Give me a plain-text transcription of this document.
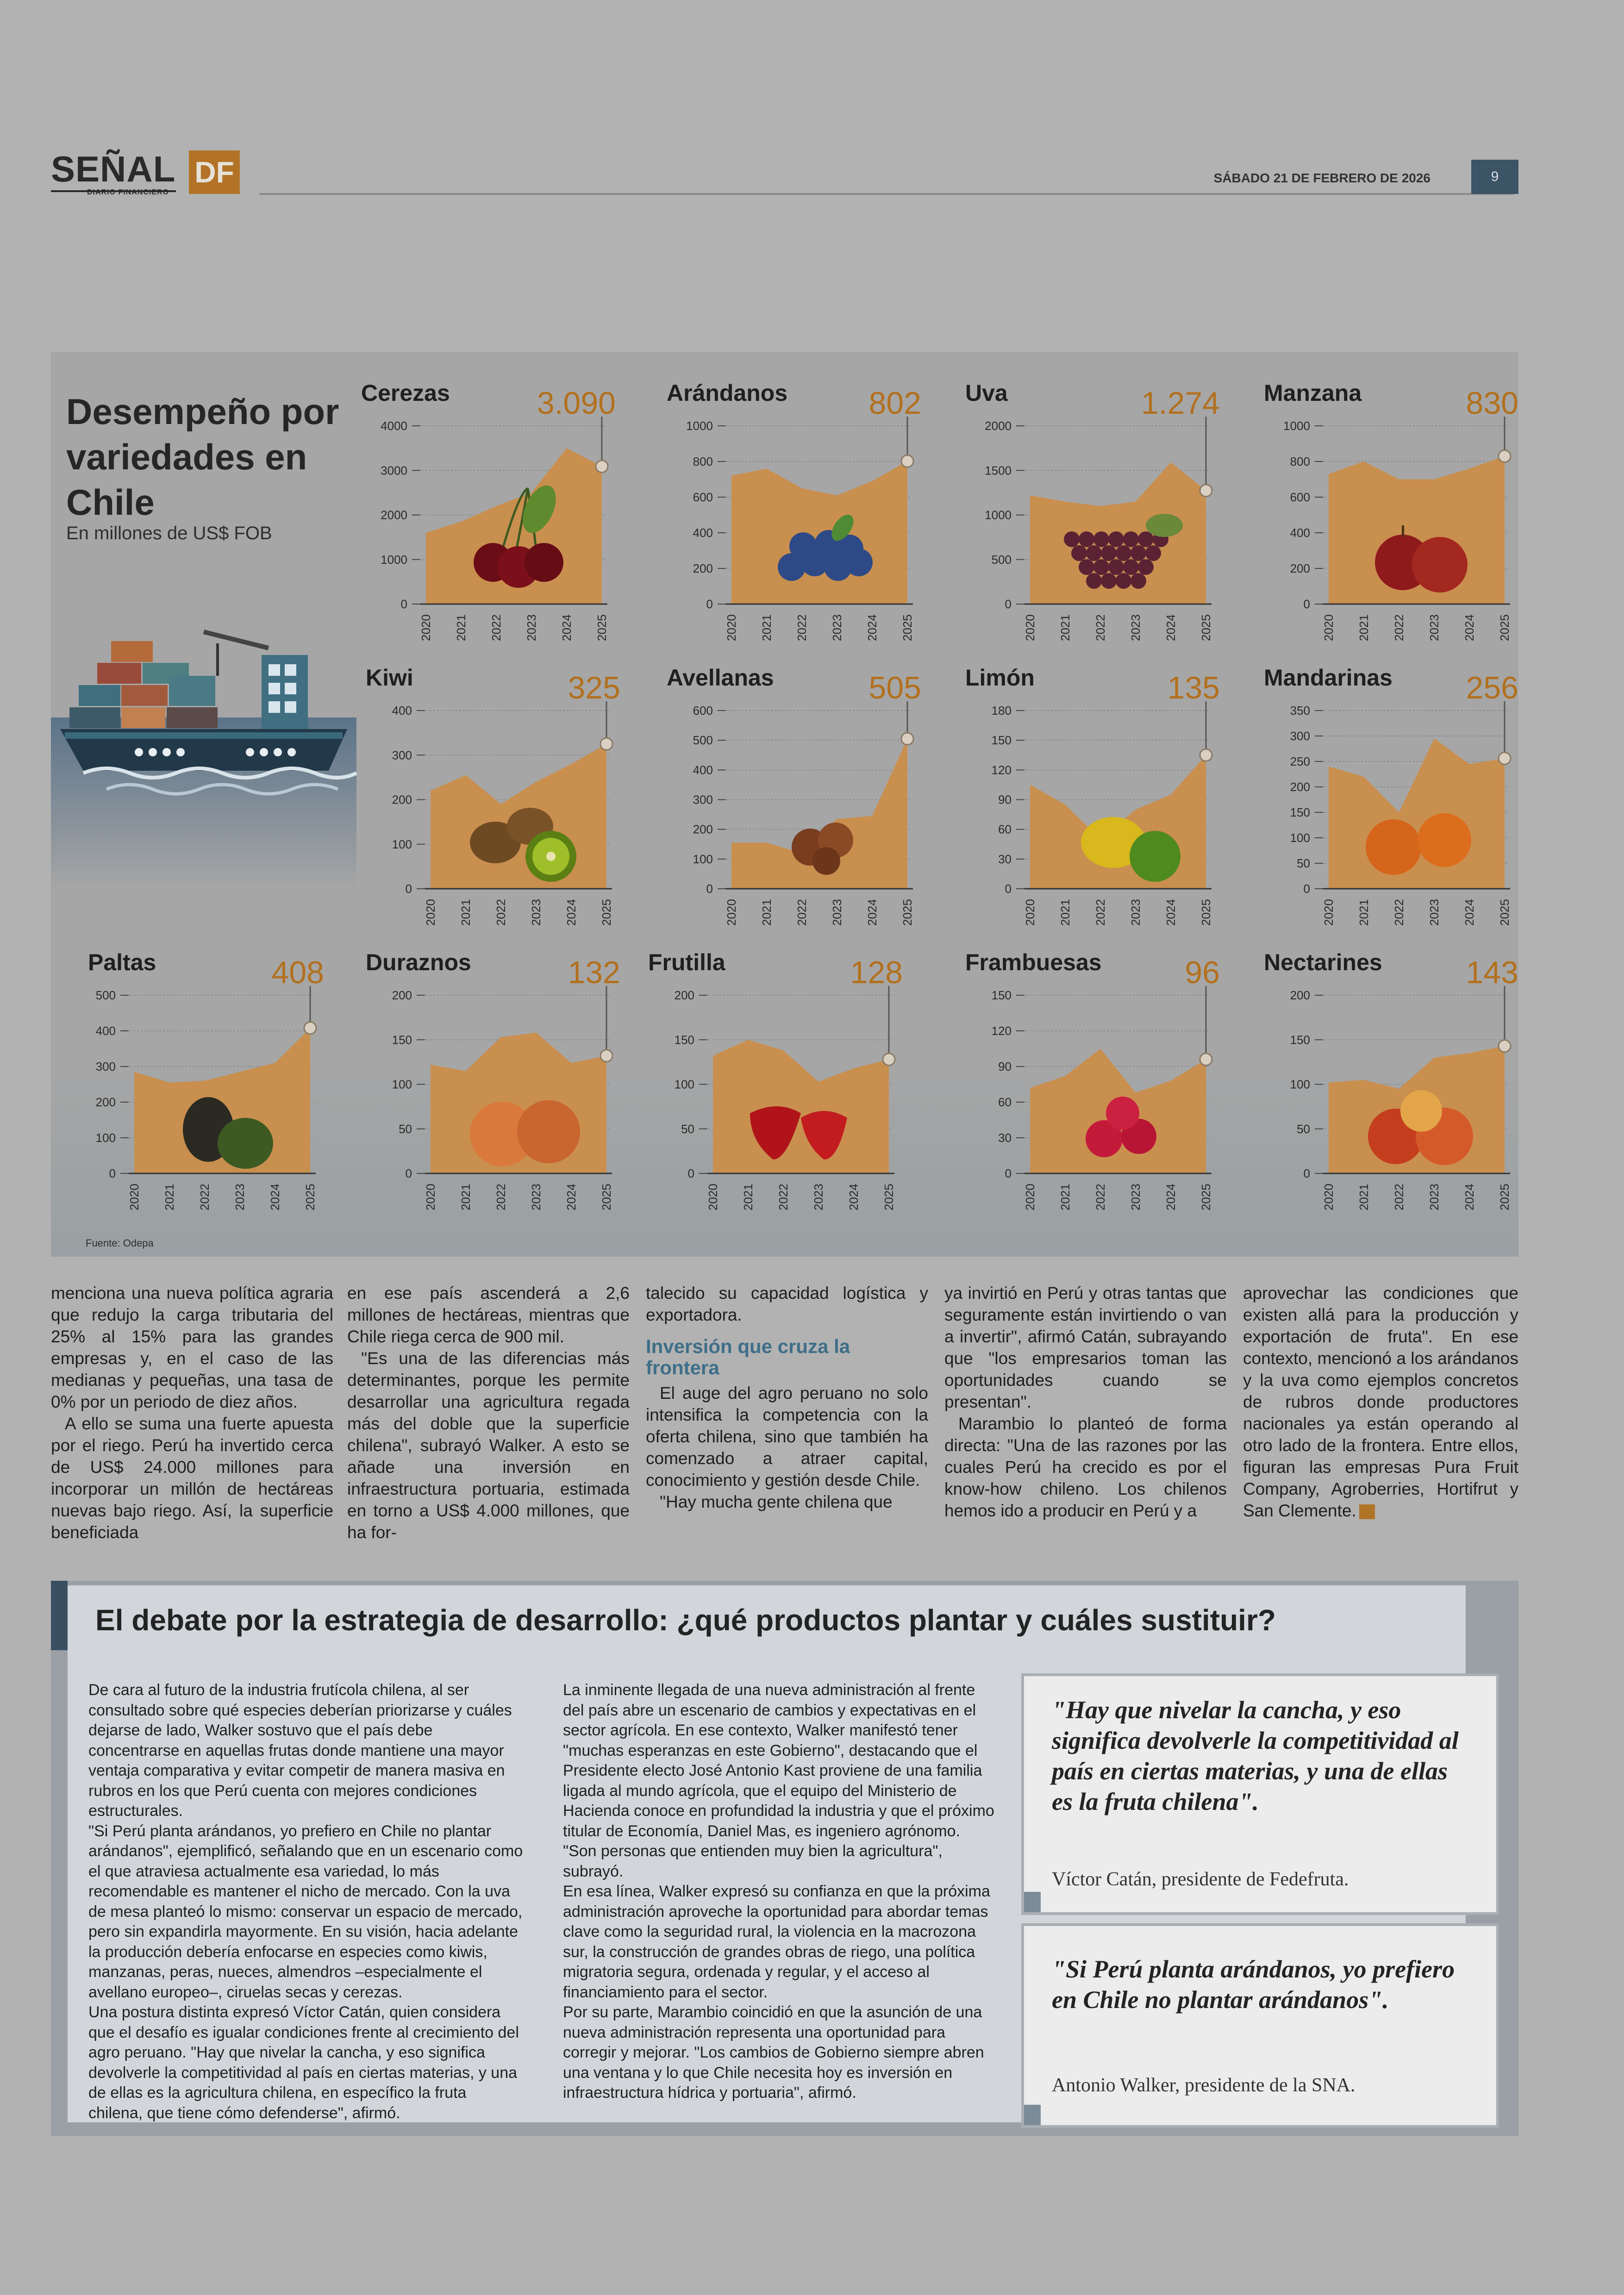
SEÑAL
DIARIO FINANCIERO
DF	SÁBADO 21 DE FEBRERO DE 2026	9
Desempeño por variedades en Chile
En millones de US$ FOB
Cerezas
0
1000
2000
3000
4000
2020 2021 2022 2023 2024 2025
3.090 Arándanos
0
200
400
600
800
1000
2020 2021 2022 2023 2024 2025
802 Uva
0
500
1000
1500
2000
2020 2021 2022 2023 2024 2025
1.274 Manzana
0
200
400
600
800
1000
2020 2021 2022 2023 2024 2025
830
Kiwi
0
100
200
300
400
2020 2021 2022 2023 2024 2025
325 Avellanas
0
100
200
300
400
500
600
2020 2021 2022 2023 2024 2025
505 Limón
0
30
60
90
120
150
180
2020 2021 2022 2023 2024 2025
135 Mandarinas
0
50
100
150
200
250
300
350
2020 2021 2022 2023 2024 2025
256
Paltas
0
100
200
300
400
500
2020 2021 2022 2023 2024 2025
408 Duraznos
0
50
100
150
200
2020 2021 2022 2023 2024 2025
132 Frutilla
0
50
100
150
200
2020 2021 2022 2023 2024 2025
128	Frambuesas
0
30
60
90
120
150
2020 2021 2022 2023 2024 2025
96 Nectarines
0
50
100
150
200
2020 2021 2022 2023 2024 2025
143
Fuente: Odepa

menciona una nueva política agraria que redujo la carga tributaria del 25% al 15% para las grandes empresas y, en el caso de las medianas y pequeñas, una tasa de 0% por un periodo de diez años.

A ello se suma una fuerte apuesta por el riego. Perú ha invertido cerca de US$ 24.000 millones para incorporar un millón de hectáreas nuevas bajo riego. Así, la superficie beneficiada

en ese país ascenderá a 2,6 millones de hectáreas, mientras que Chile riega cerca de 900 mil.

"Es una de las diferencias más determinantes, porque les permite desarrollar una agricultura regada más del doble que la superficie chilena", subrayó Walker. A esto se añade una inversión en infraestructura portuaria, estimada en torno a US$ 4.000 millones, que ha for-

talecido su capacidad logística y exportadora.

Inversión que cruza la frontera

El auge del agro peruano no solo intensifica la competencia con la oferta chilena, sino que también ha comenzado a atraer capital, conocimiento y gestión desde Chile.

"Hay mucha gente chilena que

ya invirtió en Perú y otras tantas que seguramente están invirtiendo o van a invertir", afirmó Catán, subrayando que "los empresarios toman las oportunidades cuando se presentan".

Marambio lo planteó de forma directa: "Una de las razones por las cuales Perú ha crecido es por el know-how chileno. Los chilenos hemos ido a producir en Perú y a

aprovechar las condiciones que existen allá para la producción y exportación de fruta". En ese contexto, mencionó a los arándanos y la uva como ejemplos concretos de rubros donde productores nacionales ya están operando al otro lado de la frontera. Entre ellos, figuran las empresas Pura Fruit Company, Agroberries, Hortifrut y San Clemente.

El debate por la estrategia de desarrollo: ¿qué productos plantar y cuáles sustituir?

De cara al futuro de la industria frutícola chilena, al ser consultado sobre qué especies deberían priorizarse y cuáles dejarse de lado, Walker sostuvo que el país debe concentrarse en aquellas frutas donde mantiene una mayor ventaja comparativa y evitar competir de manera masiva en rubros en los que Perú cuenta con mejores condiciones estructurales.

"Si Perú planta arándanos, yo prefiero en Chile no plantar arándanos", ejemplificó, señalando que en un escenario como el que atraviesa actualmente esa variedad, lo más recomendable es mantener el nicho de mercado. Con la uva de mesa planteó lo mismo: conservar un espacio de mercado, pero sin expandirla mayormente. En su visión, hacia adelante la producción debería enfocarse en especies como kiwis, manzanas, peras, nueces, almendros –especialmente el avellano europeo–, ciruelas secas y cerezas.

Una postura distinta expresó Víctor Catán, quien considera que el desafío es igualar condiciones frente al crecimiento del agro peruano. "Hay que nivelar la cancha, y eso significa devolverle la competitividad al país en ciertas materias, y una de ellas es la agricultura chilena, en específico la fruta chilena, que tiene cómo defenderse", afirmó.

La inminente llegada de una nueva administración al frente del país abre un escenario de cambios y expectativas en el sector agrícola. En ese contexto, Walker manifestó tener "muchas esperanzas en este Gobierno", destacando que el Presidente electo José Antonio Kast proviene de una familia ligada al mundo agrícola, que el equipo del Ministerio de Hacienda conoce en profundidad la industria y que el próximo titular de Economía, Daniel Mas, es ingeniero agrónomo. "Son personas que entienden muy bien la agricultura", subrayó.

En esa línea, Walker expresó su confianza en que la próxima administración aproveche la oportunidad para abordar temas clave como la seguridad rural, la violencia en la macrozona sur, la construcción de grandes obras de riego, una política migratoria segura, ordenada y regular, y el acceso al financiamiento para el sector.

Por su parte, Marambio coincidió en que la asunción de una nueva administración representa una oportunidad para corregir y mejorar. "Los cambios de Gobierno siempre abren una ventana y lo que Chile necesita hoy es inversión en infraestructura hídrica y portuaria", afirmó.

"Hay que nivelar la cancha, y eso significa devolverle la competitividad al país en ciertas materias, y una de ellas es la fruta chilena".
Víctor Catán, presidente de Fedefruta.
"Si Perú planta arándanos, yo prefiero en Chile no plantar arándanos".
Antonio Walker, presidente de la SNA.
